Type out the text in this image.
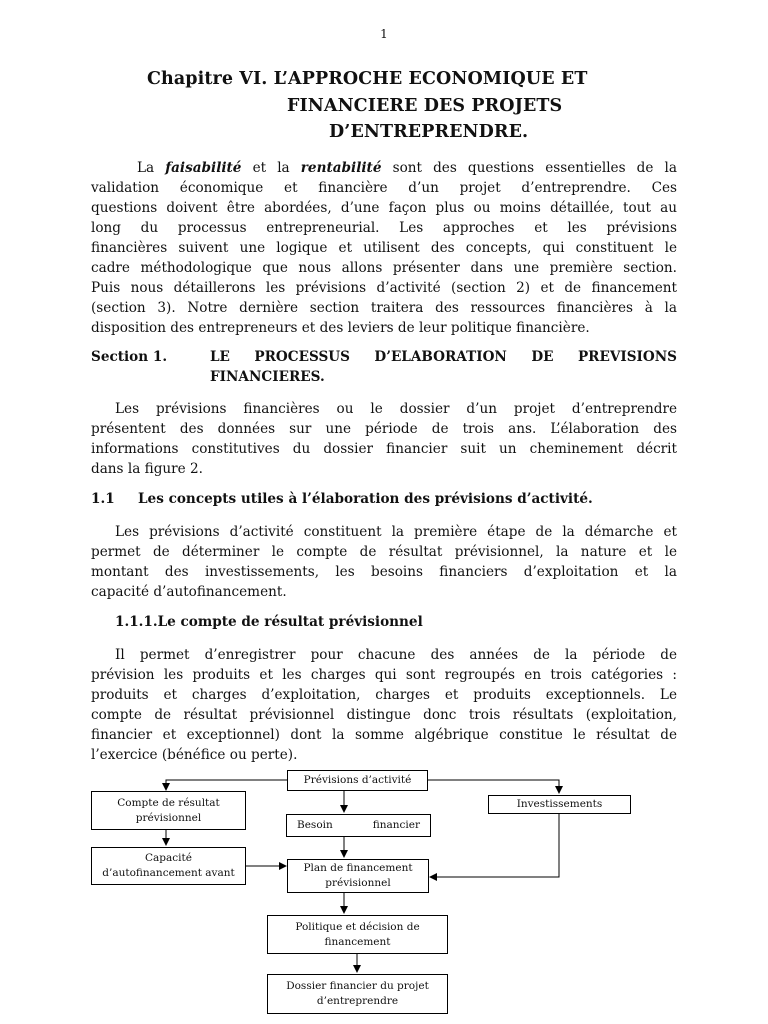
1
Chapitre VI. L’APPROCHE ECONOMIQUE ET
FINANCIERE DES PROJETS
D’ENTREPRENDRE.
La faisabilité et la rentabilité sont des questions essentielles de la
validation économique et financière d’un projet d’entreprendre. Ces
questions doivent être abordées, d’une façon plus ou moins détaillée, tout au
long du processus entrepreneurial. Les approches et les prévisions
financières suivent une logique et utilisent des concepts, qui constituent le
cadre méthodologique que nous allons présenter dans une première section.
Puis nous détaillerons les prévisions d’activité (section 2) et de financement
(section 3). Notre dernière section traitera des ressources financières à la
disposition des entrepreneurs et des leviers de leur politique financière.
Section 1.	LE PROCESSUS D’ELABORATION DE PREVISIONS
FINANCIERES.
Les prévisions financières ou le dossier d’un projet d’entreprendre
présentent des données sur une période de trois ans. L’élaboration des
informations constitutives du dossier financier suit un cheminement décrit
dans la figure 2.
1.1 Les concepts utiles à l’élaboration des prévisions d’activité.
Les prévisions d’activité constituent la première étape de la démarche et
permet de déterminer le compte de résultat prévisionnel, la nature et le
montant des investissements, les besoins financiers d’exploitation et la
capacité d’autofinancement.
1.1.1.Le compte de résultat prévisionnel
Il permet d’enregistrer pour chacune des années de la période de
prévision les produits et les charges qui sont regroupés en trois catégories :
produits et charges d’exploitation, charges et produits exceptionnels. Le
compte de résultat prévisionnel distingue donc trois résultats (exploitation,
financier et exceptionnel) dont la somme algébrique constitue le résultat de
l’exercice (bénéfice ou perte).
Prévisions d’activité
Compte de résultat
prévisionnel
Investissements
Besoin	financier
Capacité
d’autofinancement avant	Plan de financement
prévisionnel
Politique et décision de
financement
Dossier financier du projet
d’entreprendre
